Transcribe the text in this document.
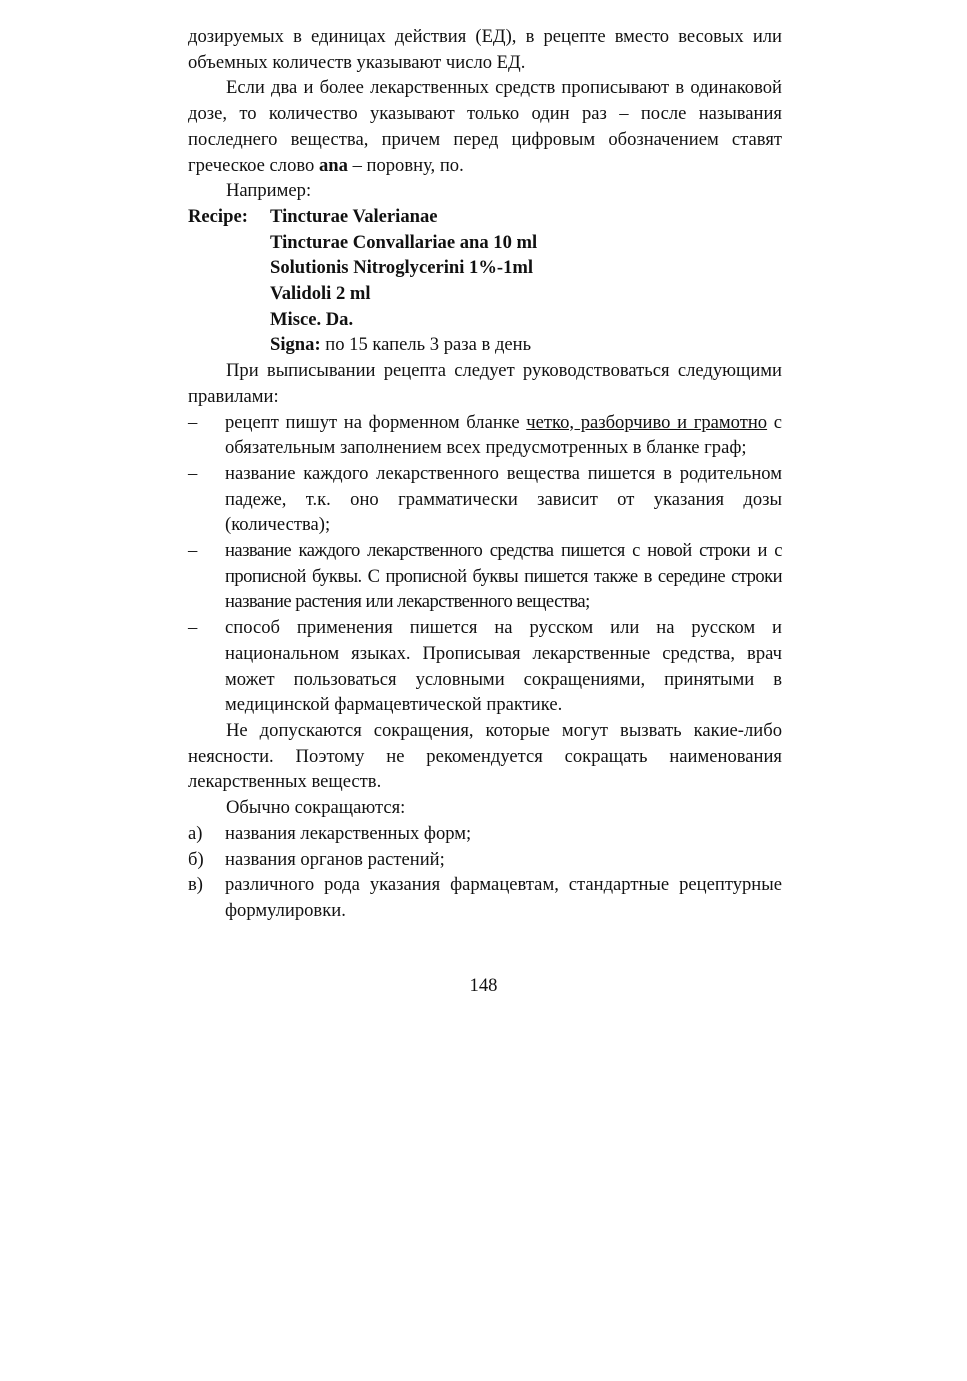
дозируемых в единицах действия (ЕД), в рецепте вместо весовых или объемных количеств указывают число ЕД.

Если два и более лекарственных средств прописывают в одинаковой дозе, то количество указывают только один раз – после называния последнего вещества, причем перед цифровым обозначением ставят греческое слово ana – поровну, по.

Например:

Recipe:	Tincturae Valerianae
Tincturae Convallariae ana 10 ml
Solutionis Nitroglycerini 1%-1ml
Validoli 2 ml
Misce. Da.
Signa: по 15 капель 3 раза в день

При выписывании рецепта следует руководствоваться следующими правилами:

–	рецепт пишут на форменном бланке четко, разборчиво и грамотно с обязательным заполнением всех предусмотренных в бланке граф;
–	название каждого лекарственного вещества пишется в родительном падеже, т.к. оно грамматически зависит от указания дозы (количества);
–	название каждого лекарственного средства пишется с новой строки и с прописной буквы. С прописной буквы пишется также в середине строки название растения или лекарственного вещества;
–	способ применения пишется на русском или на русском и национальном языках. Прописывая лекарственные средства, врач может пользоваться условными сокращениями, принятыми в медицинской фармацевтической практике.

Не допускаются сокращения, которые могут вызвать какие-либо неясности. Поэтому не рекомендуется сокращать наименования лекарственных веществ.

Обычно сокращаются:

а)	названия лекарственных форм;
б)	названия органов растений;
в)	различного рода указания фармацевтам, стандартные рецептурные формулировки.
148
